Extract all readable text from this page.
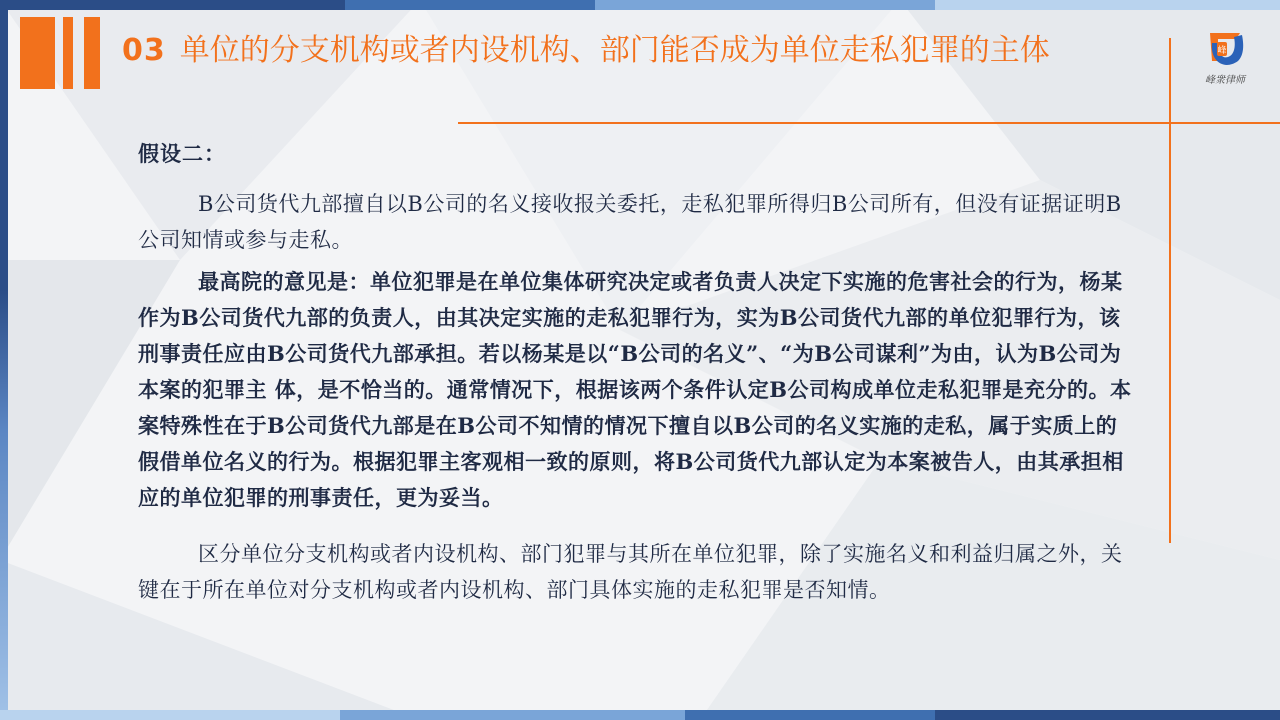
03 单位的分支机构或者内设机构、部门能否成为单位走私犯罪的主体	峰
峰衆律师

假设二：

B公司货代九部擅自以B公司的名义接收报关委托，走私犯罪所得归B公司所有，但没有证据证明B公司知情或参与走私。

最高院的意见是：单位犯罪是在单位集体研究决定或者负责人决定下实施的危害社会的行为，杨某作为B公司货代九部的负责人，由其决定实施的走私犯罪行为，实为B公司货代九部的单位犯罪行为，该刑事责任应由B公司货代九部承担。若以杨某是以“B公司的名义”、“为B公司谋利”为由，认为B公司为本案的犯罪主 体，是不恰当的。通常情况下，根据该两个条件认定B公司构成单位走私犯罪是充分的。本案特殊性在于B公司货代九部是在B公司不知情的情况下擅自以B公司的名义实施的走私，属于实质上的假借单位名义的行为。根据犯罪主客观相一致的原则，将B公司货代九部认定为本案被告人，由其承担相应的单位犯罪的刑事责任，更为妥当。

区分单位分支机构或者内设机构、部门犯罪与其所在单位犯罪，除了实施名义和利益归属之外，关键在于所在单位对分支机构或者内设机构、部门具体实施的走私犯罪是否知情。
